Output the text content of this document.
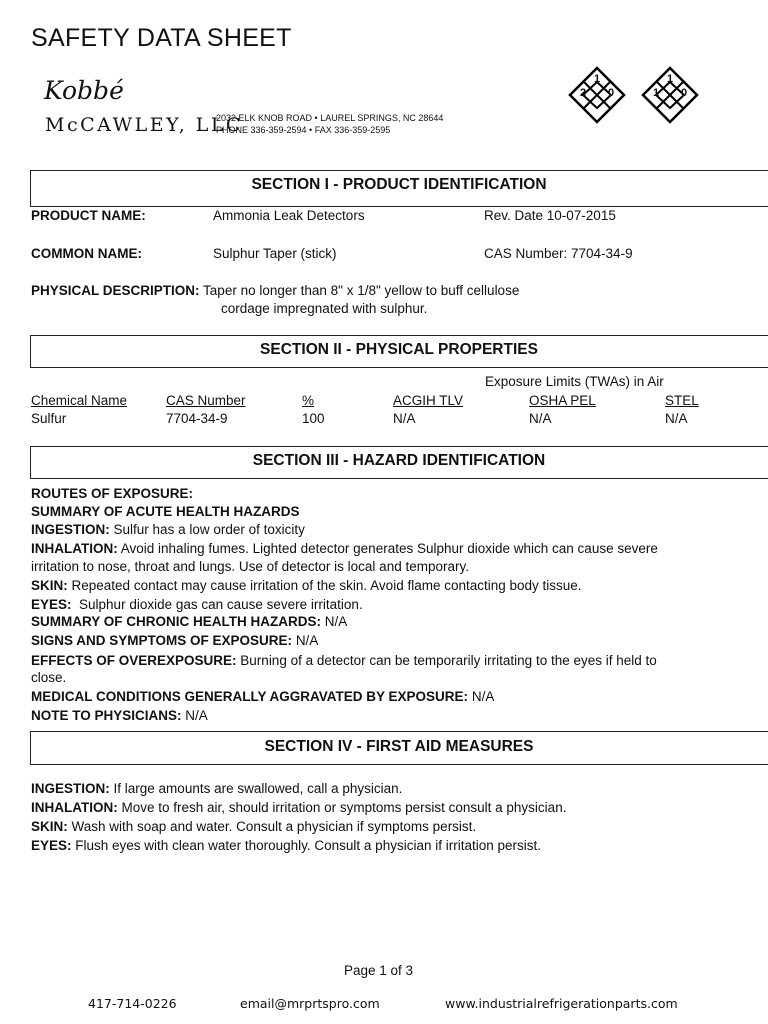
SAFETY DATA SHEET
Kobbé
McCAWLEY, LLC
2032 ELK KNOB ROAD • LAUREL SPRINGS, NC 28644
PHONE 336-359-2594 • FAX 336-359-2595
1
2	0
1
1	0
SECTION I - PRODUCT IDENTIFICATION
PRODUCT NAME:	Ammonia Leak Detectors	Rev. Date 10-07-2015
COMMON NAME:	Sulphur Taper (stick)	CAS Number: 7704-34-9
PHYSICAL DESCRIPTION: Taper no longer than 8" x 1/8" yellow to buff cellulose
cordage impregnated with sulphur.
SECTION II - PHYSICAL PROPERTIES
Exposure Limits (TWAs) in Air
Chemical Name	CAS Number	%	ACGIH TLV	OSHA PEL	STEL
Sulfur	7704-34-9	100	N/A	N/A	N/A
SECTION III - HAZARD IDENTIFICATION
ROUTES OF EXPOSURE:
SUMMARY OF ACUTE HEALTH HAZARDS
INGESTION: Sulfur has a low order of toxicity
INHALATION: Avoid inhaling fumes. Lighted detector generates Sulphur dioxide which can cause severe
irritation to nose, throat and lungs. Use of detector is local and temporary.
SKIN: Repeated contact may cause irritation of the skin. Avoid flame contacting body tissue.
EYES: Sulphur dioxide gas can cause severe irritation.
SUMMARY OF CHRONIC HEALTH HAZARDS: N/A
SIGNS AND SYMPTOMS OF EXPOSURE: N/A
EFFECTS OF OVEREXPOSURE: Burning of a detector can be temporarily irritating to the eyes if held to
close.
MEDICAL CONDITIONS GENERALLY AGGRAVATED BY EXPOSURE: N/A
NOTE TO PHYSICIANS: N/A
SECTION IV - FIRST AID MEASURES
INGESTION: If large amounts are swallowed, call a physician.
INHALATION: Move to fresh air, should irritation or symptoms persist consult a physician.
SKIN: Wash with soap and water. Consult a physician if symptoms persist.
EYES: Flush eyes with clean water thoroughly. Consult a physician if irritation persist.
Page 1 of 3
417-714-0226	email@mrprtspro.com	www.industrialrefrigerationparts.com
